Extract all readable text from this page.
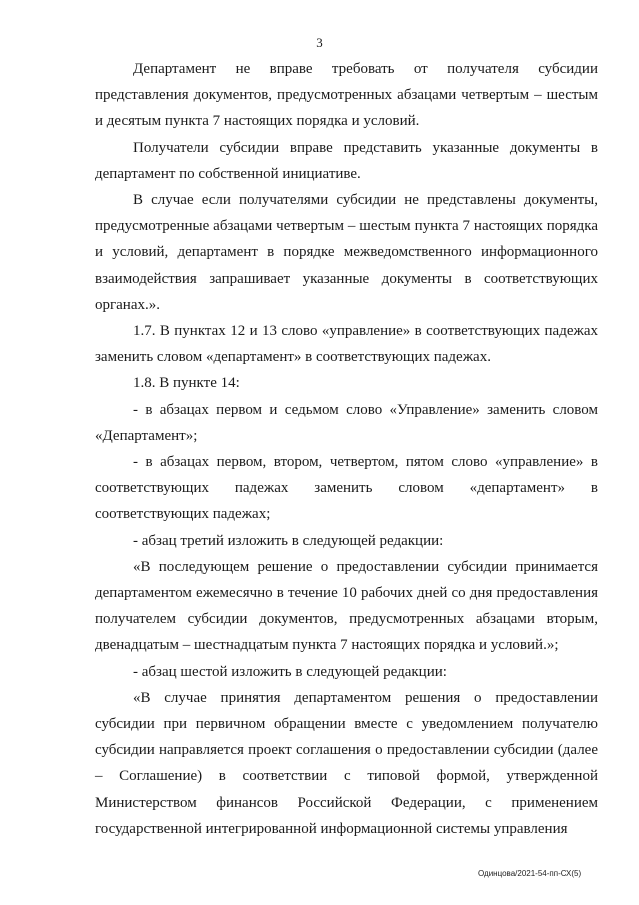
3

Департамент не вправе требовать от получателя субсидии представления документов, предусмотренных абзацами четвертым – шестым и десятым пункта 7 настоящих порядка и условий.

Получатели субсидии вправе представить указанные документы в департамент по собственной инициативе.

В случае если получателями субсидии не представлены документы, предусмотренные абзацами четвертым – шестым пункта 7 настоящих порядка и условий, департамент в порядке межведомственного информационного взаимодействия запрашивает указанные документы в соответствующих органах.».

1.7. В пунктах 12 и 13 слово «управление» в соответствующих падежах заменить словом «департамент» в соответствующих падежах.

1.8. В пункте 14:

- в абзацах первом и седьмом слово «Управление» заменить словом «Департамент»;

- в абзацах первом, втором, четвертом, пятом слово «управление» в соответствующих падежах заменить словом «департамент» в соответствующих падежах;

- абзац третий изложить в следующей редакции:

«В последующем решение о предоставлении субсидии принимается департаментом ежемесячно в течение 10 рабочих дней со дня предоставления получателем субсидии документов, предусмотренных абзацами вторым, двенадцатым – шестнадцатым пункта 7 настоящих порядка и условий.»;

- абзац шестой изложить в следующей редакции:

«В случае принятия департаментом решения о предоставлении субсидии при первичном обращении вместе с уведомлением получателю субсидии направляется проект соглашения о предоставлении субсидии (далее – Соглашение) в соответствии с типовой формой, утвержденной Министерством финансов Российской Федерации, с применением государственной интегрированной информационной системы управления

Одинцова/2021-54-пп-СХ(5)
